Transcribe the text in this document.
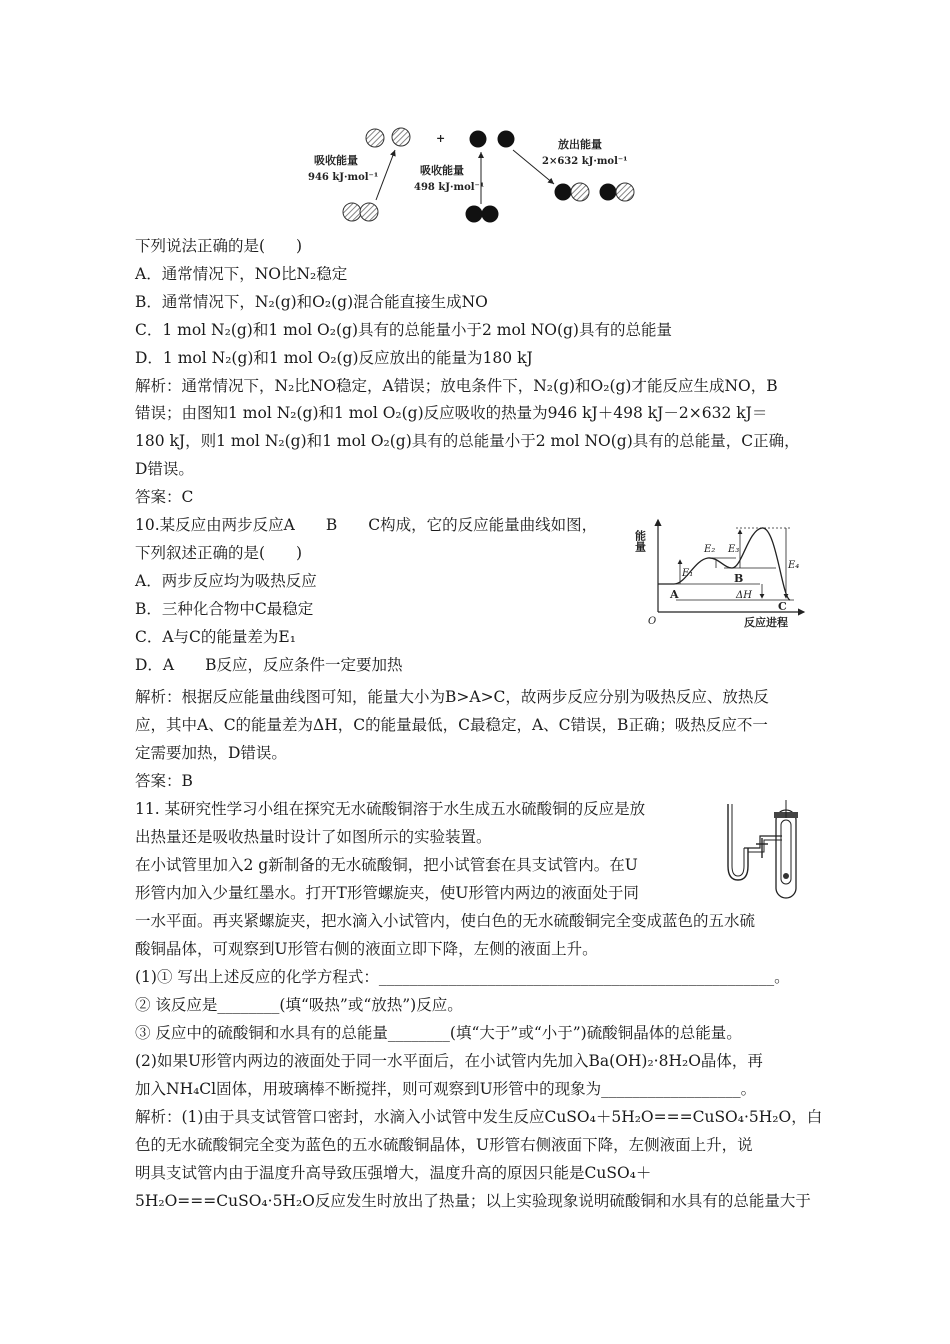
+
吸收能量
946 kJ·mol⁻¹
吸收能量
498 kJ·mol⁻¹
放出能量
2×632 kJ·mol⁻¹
下列说法正确的是(　　)
A．通常情况下，NO比N₂稳定
B．通常情况下，N₂(g)和O₂(g)混合能直接生成NO
C．1 mol N₂(g)和1 mol O₂(g)具有的总能量小于2 mol NO(g)具有的总能量
D．1 mol N₂(g)和1 mol O₂(g)反应放出的能量为180 kJ
解析：通常情况下，N₂比NO稳定，A错误；放电条件下，N₂(g)和O₂(g)才能反应生成NO，B
错误；由图知1 mol N₂(g)和1 mol O₂(g)反应吸收的热量为946 kJ＋498 kJ－2×632 kJ＝
180 kJ，则1 mol N₂(g)和1 mol O₂(g)具有的总能量小于2 mol NO(g)具有的总能量，C正确，
D错误。
答案：C
10.某反应由两步反应A　　B　　C构成，它的反应能量曲线如图，
下列叙述正确的是(　　)
A．两步反应均为吸热反应
B．三种化合物中C最稳定
C．A与C的能量差为E₁
D．A　　B反应，反应条件一定要加热
解析：根据反应能量曲线图可知，能量大小为B>A>C，故两步反应分别为吸热反应、放热反
应，其中A、C的能量差为ΔH，C的能量最低，C最稳定，A、C错误，B正确；吸热反应不一
定需要加热，D错误。
答案：B
11. 某研究性学习小组在探究无水硫酸铜溶于水生成五水硫酸铜的反应是放
出热量还是吸收热量时设计了如图所示的实验装置。
在小试管里加入2 g新制备的无水硫酸铜，把小试管套在具支试管内。在U
形管内加入少量红墨水。打开T形管螺旋夹，使U形管内两边的液面处于同
一水平面。再夹紧螺旋夹，把水滴入小试管内，使白色的无水硫酸铜完全变成蓝色的五水硫
酸铜晶体，可观察到U形管右侧的液面立即下降，左侧的液面上升。
(1)① 写出上述反应的化学方程式：___________________________________________________。
② 该反应是________(填“吸热”或“放热”)反应。
③ 反应中的硫酸铜和水具有的总能量________(填“大于”或“小于”)硫酸铜晶体的总能量。
(2)如果U形管内两边的液面处于同一水平面后，在小试管内先加入Ba(OH)₂·8H₂O晶体，再
加入NH₄Cl固体，用玻璃棒不断搅拌，则可观察到U形管中的现象为__________________。
解析：(1)由于具支试管管口密封，水滴入小试管中发生反应CuSO₄＋5H₂O===CuSO₄·5H₂O，白
色的无水硫酸铜完全变为蓝色的五水硫酸铜晶体，U形管右侧液面下降，左侧液面上升，说
明具支试管内由于温度升高导致压强增大，温度升高的原因只能是CuSO₄＋
5H₂O===CuSO₄·5H₂O反应发生时放出了热量；以上实验现象说明硫酸铜和水具有的总能量大于
能量
O	反应进程
E₁
E₂ E₃
E₄
A
B
C
ΔH
